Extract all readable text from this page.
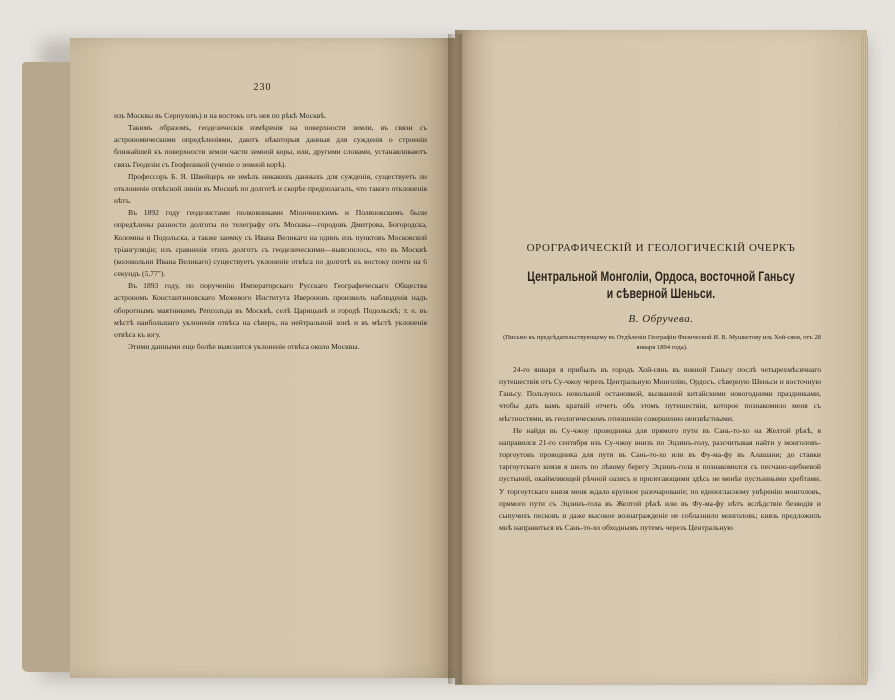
230

изъ Москвы въ Серпуховъ) и на востокъ отъ нея по рѣкѣ Москвѣ.

Такимъ образомъ, геодезическія измѣренія на поверхности земли, въ связи съ астрономическими опредѣленіями, даютъ нѣкоторыя данныя для сужденія о строеніи ближайшей къ поверхности земли части земной коры, или, другими словами, устанавливаютъ связь Геодезіи съ Геофизикой (ученіе о земной корѣ).

Профессоръ Б. Я. Швейцеръ не имѣлъ никакихъ данныхъ для сужденія, существуетъ ли отклоненіе отвѣсной линіи въ Москвѣ по долготѣ и скорѣе предполагалъ, что такого отклоненія нѣтъ.

Въ 1892 году геодезистами полковниками Міончинскимъ и Поляновскимъ были опредѣлены разности долготы по телеграфу отъ Москвы—городовъ Дмитрова, Богородска, Коломны и Подольска, а также заимку съ Ивана Великаго на одинъ изъ пунктовъ Московской тріангуляціи; изъ сравненія этихъ долготъ съ геодезическими—выяснилось, что въ Москвѣ (колокольни Ивана Великаго) существуетъ уклоненіе отвѣса по долготѣ къ востоку почти на 6 секундъ (5,77").

Въ 1893 году, по порученію Императорскаго Русскаго Географическаго Общества астрономъ Константиновскаго Межевого Института Ивероновъ произвелъ наблюденія надъ оборотнымъ маятникомъ Репсольда въ Москвѣ, селѣ Царицынѣ и городѣ Подольскѣ; т. е. въ мѣстѣ наибольшаго уклоненія отвѣса на сѣверъ, на нейтральной зонѣ и въ мѣстѣ уклоненія отвѣса къ югу.

Этими данными еще болѣе выяснится уклоненіе отвѣса около Москвы.

ОРОГРАФИЧЕСКІЙ И ГЕОЛОГИЧЕСКІЙ ОЧЕРКЪ
Центральной Монголіи, Ордоса, восточной Ганьсу и сѣверной Шеньси.
В. Обручева.
(Письмо къ предсѣдательствующему въ Отдѣленіи Географіи Физической И. В. Мушкетову изъ Хой-сяня, отъ 28 января 1894 года).

24-го января я прибылъ въ городъ Хой-сянь въ южной Ганьсу послѣ четырехмѣсячнаго путешествія отъ Су-чжоу черезъ Центральную Монголію, Ордосъ, сѣверную Шеньси и восточную Ганьсу. Пользуюсь невольной остановкой, вызванной китайскими новогодними праздниками, чтобы дать вамъ краткій отчетъ объ этомъ путешествіи, которое познакомило меня съ мѣстностями, въ геологическомъ отношеніи совершенно неизвѣстными.

Не найдя въ Су-чжоу проводника для прямого пути въ Сань-то-хо на Желтой рѣкѣ, я направился 21-го сентября изъ Су-чжоу внизъ по Эцзинъ-голу, разсчитывая найти у монголовъ-торгоутовъ проводника для пути въ Сань-то-хо или въ Фу-ма-фу въ Алашани; до ставки таргоутскаго князя я шелъ по лѣвому берегу Эцзинъ-гола и познакомился съ песчано-щебневой пустыней, окаймляющей рѣчной оазисъ и прилегающими здѣсь не менѣе пустынными хребтами. У торгоутскаго князя меня ждало крупное разочарованіе; по единогласному увѣренію монголовъ, прямого пути съ Эцзинъ-гола въ Желтой рѣкѣ или въ Фу-ма-фу нѣтъ вслѣдствіе безводія и сыпучихъ песковъ и даже высокое вознагражденіе не соблазнило монголовъ; князь предложилъ мнѣ направиться въ Сань-то-хо обходнымъ путемъ черезъ Центральную
